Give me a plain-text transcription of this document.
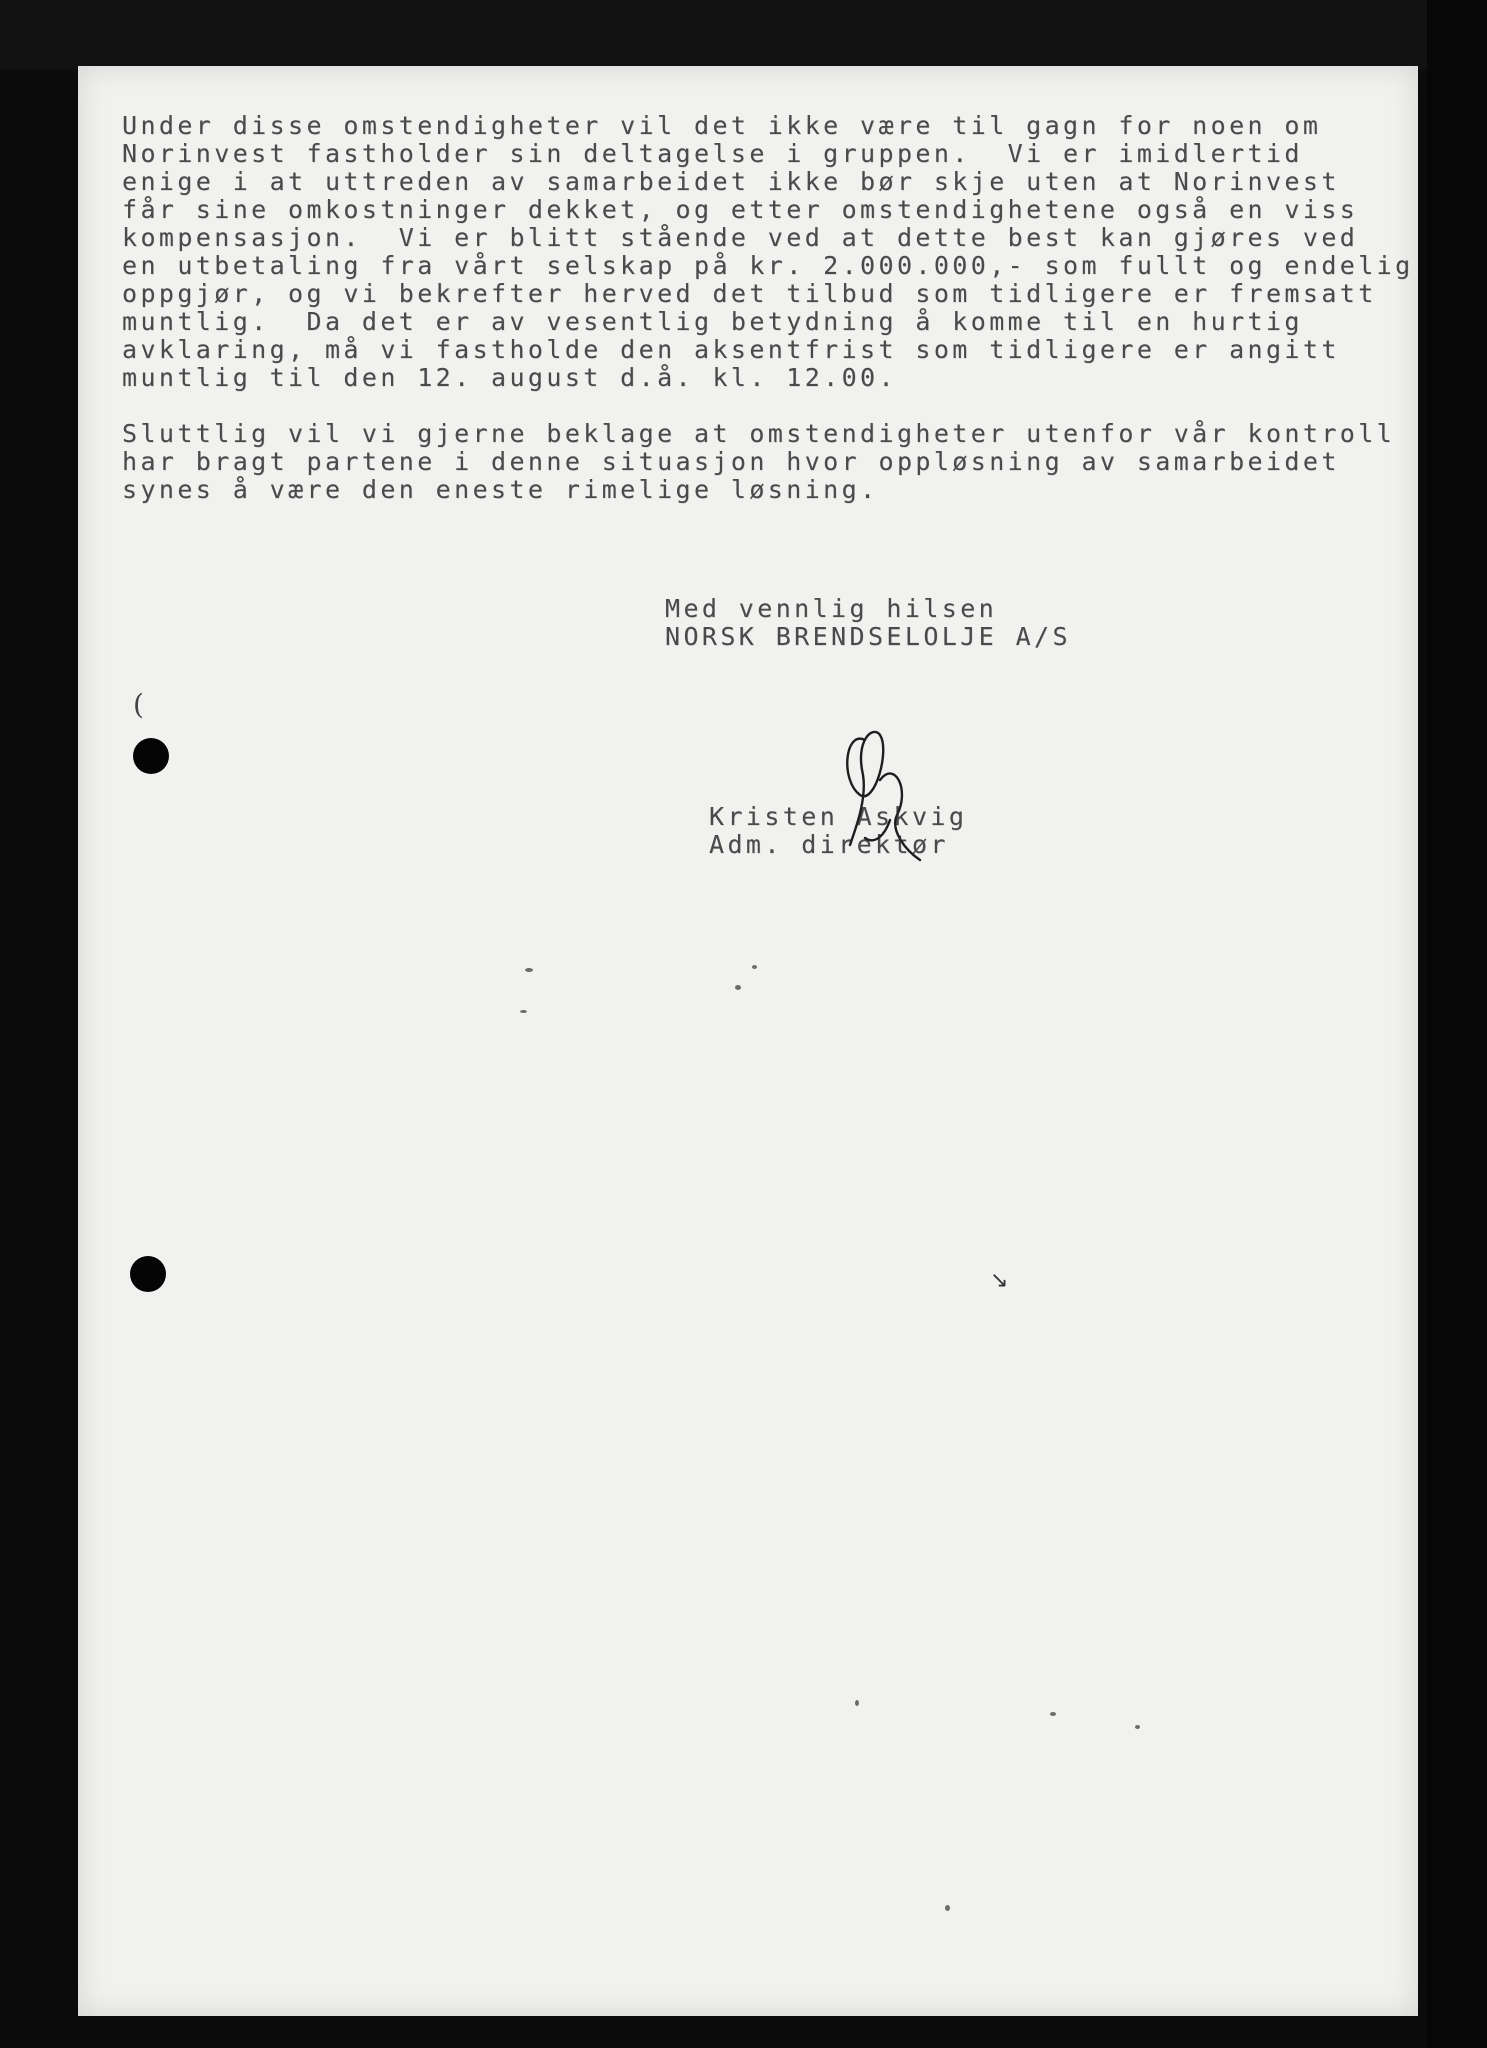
Under disse omstendigheter vil det ikke være til gagn for noen om
Norinvest fastholder sin deltagelse i gruppen.  Vi er imidlertid
enige i at uttreden av samarbeidet ikke bør skje uten at Norinvest
får sine omkostninger dekket, og etter omstendighetene også en viss
kompensasjon.  Vi er blitt stående ved at dette best kan gjøres ved
en utbetaling fra vårt selskap på kr. 2.000.000,- som fullt og endelig
oppgjør, og vi bekrefter herved det tilbud som tidligere er fremsatt
muntlig.  Da det er av vesentlig betydning å komme til en hurtig
avklaring, må vi fastholde den aksentfrist som tidligere er angitt
muntlig til den 12. august d.å. kl. 12.00.
Sluttlig vil vi gjerne beklage at omstendigheter utenfor vår kontroll
har bragt partene i denne situasjon hvor oppløsning av samarbeidet
synes å være den eneste rimelige løsning.
Med vennlig hilsen
NORSK BRENDSELOLJE A/S
Kristen Askvig
Adm. direktør
(
↘
